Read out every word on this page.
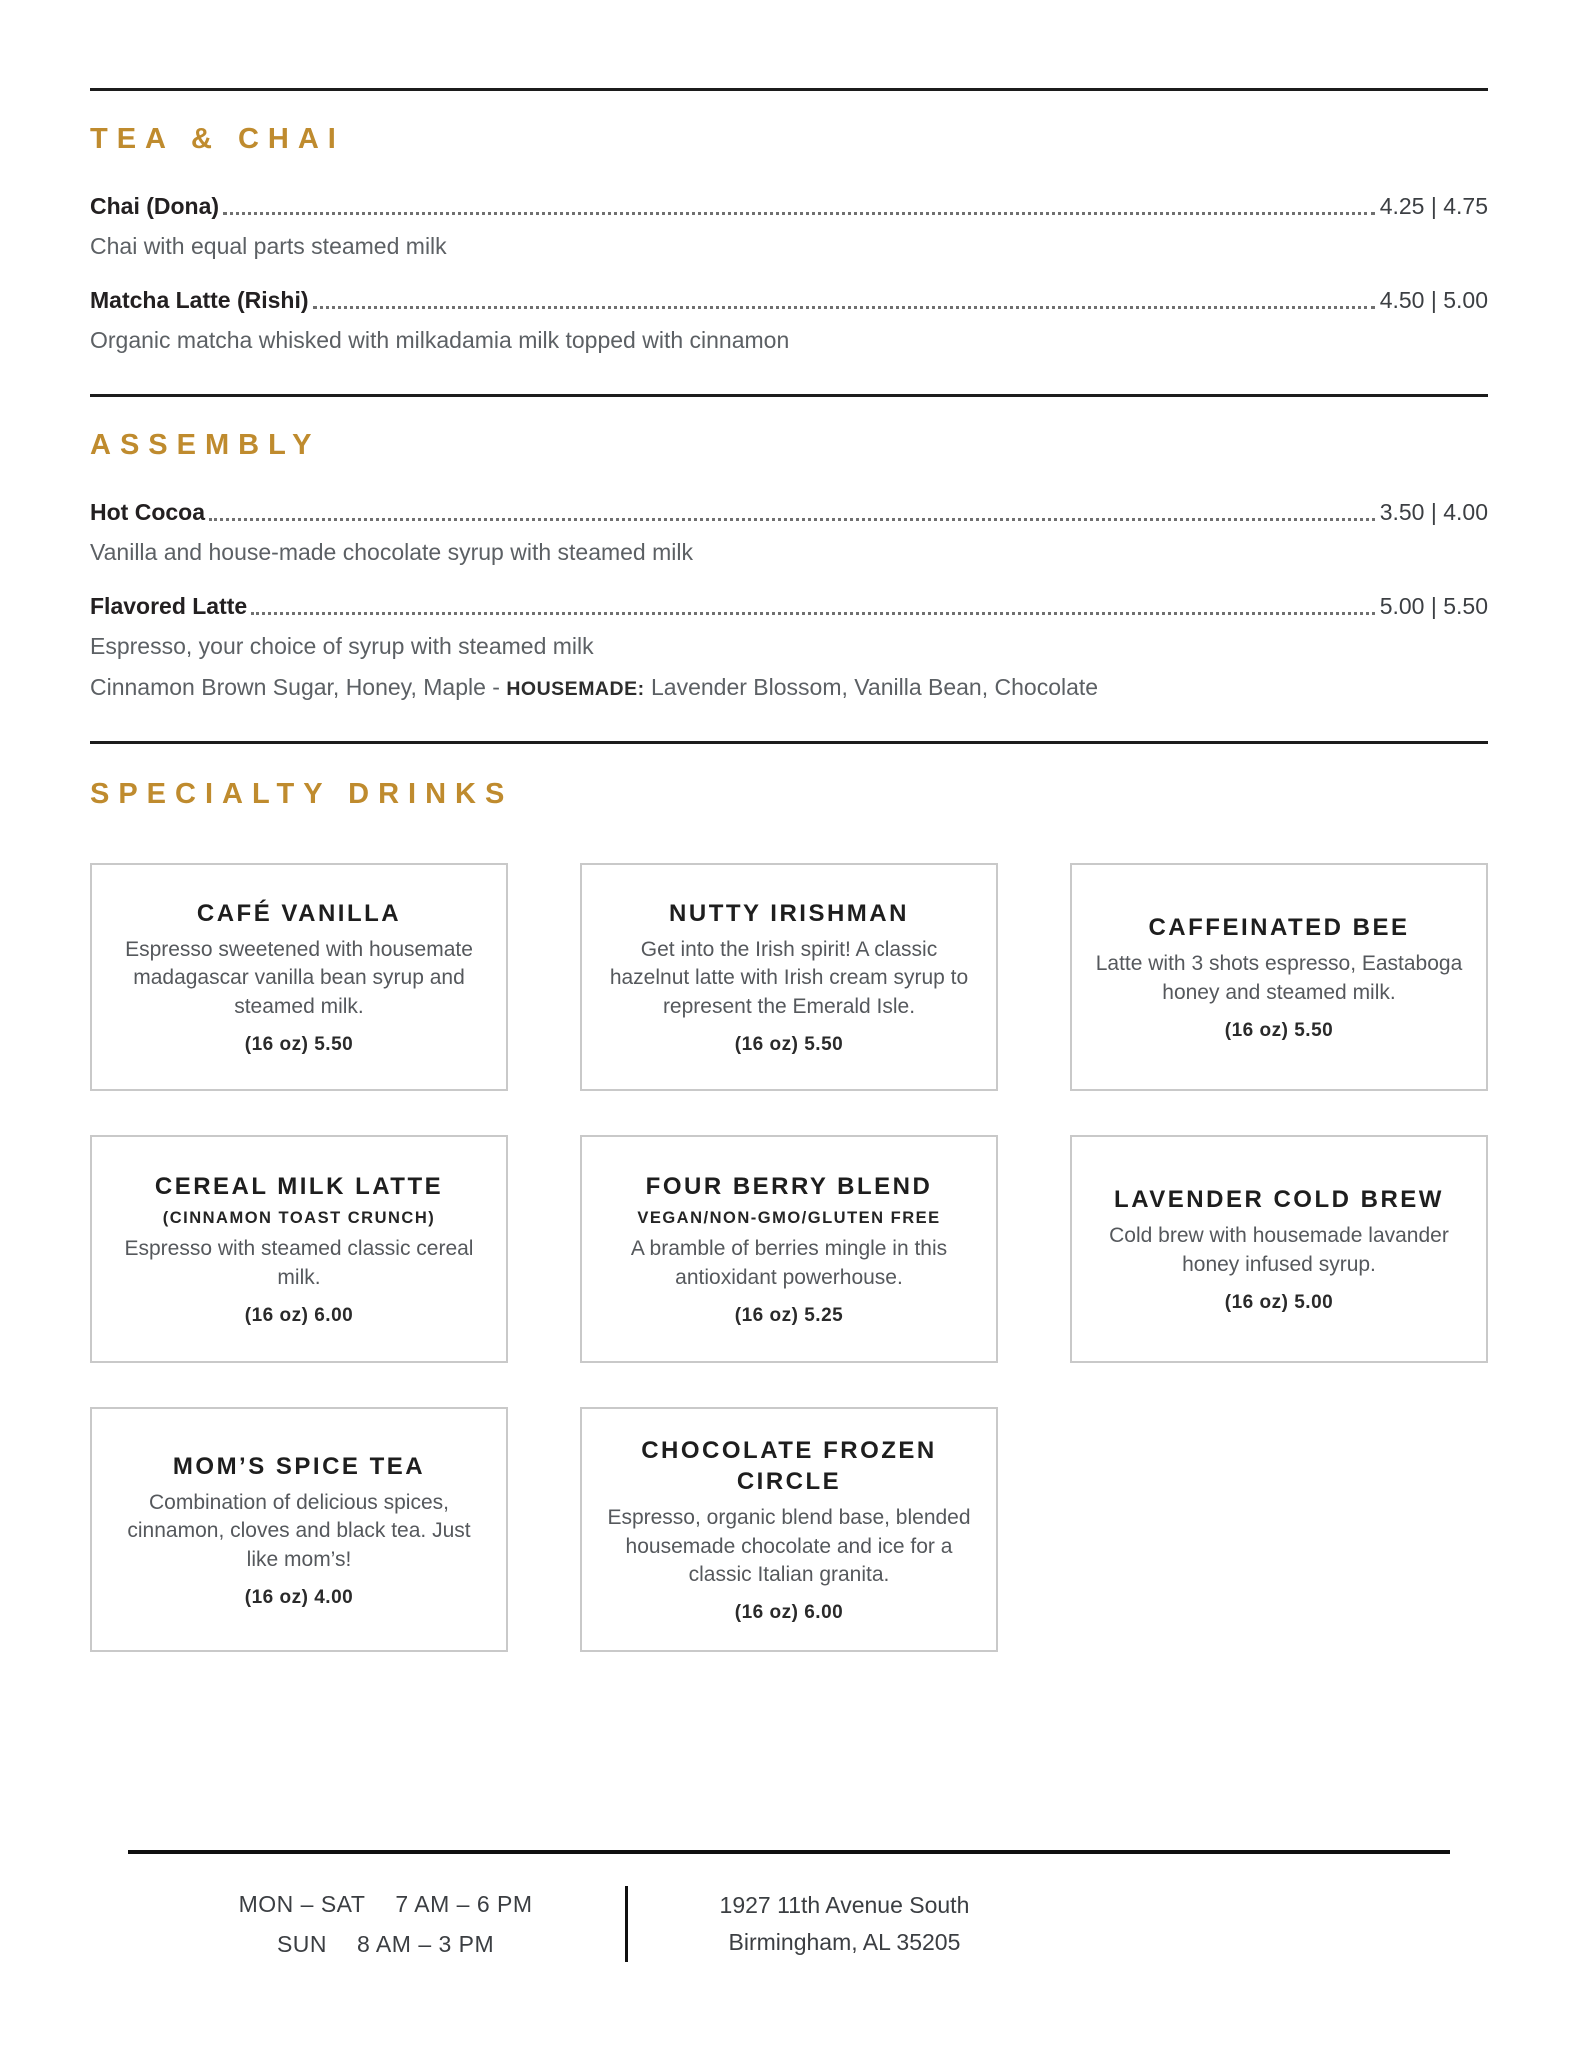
TEA & CHAI
Chai (Dona)	4.25 | 4.75

Chai with equal parts steamed milk

Matcha Latte (Rishi)	4.50 | 5.00

Organic matcha whisked with milkadamia milk topped with cinnamon

ASSEMBLY
Hot Cocoa	3.50 | 4.00

Vanilla and house-made chocolate syrup with steamed milk

Flavored Latte	5.00 | 5.50

Espresso, your choice of syrup with steamed milk

Cinnamon Brown Sugar, Honey, Maple - HOUSEMADE: Lavender Blossom, Vanilla Bean, Chocolate

SPECIALTY DRINKS
CAFÉ VANILLA
Espresso sweetened with housemate madagascar vanilla bean syrup and steamed milk.
(16 oz) 5.50
NUTTY IRISHMAN
Get into the Irish spirit! A classic hazelnut latte with Irish cream syrup to represent the Emerald Isle.
(16 oz) 5.50
CAFFEINATED BEE
Latte with 3 shots espresso, Eastaboga honey and steamed milk.
(16 oz) 5.50
CEREAL MILK LATTE
(CINNAMON TOAST CRUNCH)
Espresso with steamed classic cereal milk.
(16 oz) 6.00
FOUR BERRY BLEND
VEGAN/NON-GMO/GLUTEN FREE
A bramble of berries mingle in this antioxidant powerhouse.
(16 oz) 5.25
LAVENDER COLD BREW
Cold brew with housemade lavander honey infused syrup.
(16 oz) 5.00
MOM’S SPICE TEA
Combination of delicious spices, cinnamon, cloves and black tea. Just like mom’s!
(16 oz) 4.00
CHOCOLATE FROZEN CIRCLE
Espresso, organic blend base, blended housemade chocolate and ice for a classic Italian granita.
(16 oz) 6.00
MON – SAT 7 AM – 6 PM
SUN 8 AM – 3 PM
1927 11th Avenue South
Birmingham, AL 35205
